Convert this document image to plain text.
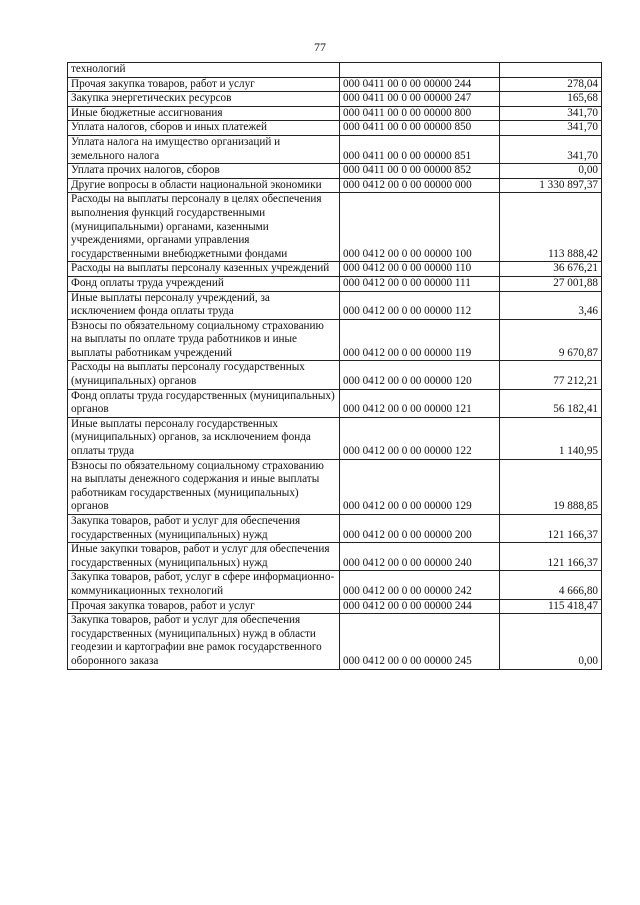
77
технологий		
Прочая закупка товаров, работ и услуг	000 0411 00 0 00 00000 244	278,04
Закупка энергетических ресурсов	000 0411 00 0 00 00000 247	165,68
Иные бюджетные ассигнования	000 0411 00 0 00 00000 800	341,70
Уплата налогов, сборов и иных платежей	000 0411 00 0 00 00000 850	341,70
Уплата налога на имущество организаций и земельного налога	000 0411 00 0 00 00000 851	341,70
Уплата прочих налогов, сборов	000 0411 00 0 00 00000 852	0,00
Другие вопросы в области национальной экономики	000 0412 00 0 00 00000 000	1 330 897,37
Расходы на выплаты персоналу в целях обеспечения выполнения функций государственными (муниципальными) органами, казенными учреждениями, органами управления государственными внебюджетными фондами	000 0412 00 0 00 00000 100	113 888,42
Расходы на выплаты персоналу казенных учреждений	000 0412 00 0 00 00000 110	36 676,21
Фонд оплаты труда учреждений	000 0412 00 0 00 00000 111	27 001,88
Иные выплаты персоналу учреждений, за исключением фонда оплаты труда	000 0412 00 0 00 00000 112	3,46
Взносы по обязательному социальному страхованию на выплаты по оплате труда работников и иные выплаты работникам учреждений	000 0412 00 0 00 00000 119	9 670,87
Расходы на выплаты персоналу государственных (муниципальных) органов	000 0412 00 0 00 00000 120	77 212,21
Фонд оплаты труда государственных (муниципальных) органов	000 0412 00 0 00 00000 121	56 182,41
Иные выплаты персоналу государственных (муниципальных) органов, за исключением фонда оплаты труда	000 0412 00 0 00 00000 122	1 140,95
Взносы по обязательному социальному страхованию на выплаты денежного содержания и иные выплаты работникам государственных (муниципальных) органов	000 0412 00 0 00 00000 129	19 888,85
Закупка товаров, работ и услуг для обеспечения государственных (муниципальных) нужд	000 0412 00 0 00 00000 200	121 166,37
Иные закупки товаров, работ и услуг для обеспечения государственных (муниципальных) нужд	000 0412 00 0 00 00000 240	121 166,37
Закупка товаров, работ, услуг в сфере информационно-коммуникационных технологий	000 0412 00 0 00 00000 242	4 666,80
Прочая закупка товаров, работ и услуг	000 0412 00 0 00 00000 244	115 418,47
Закупка товаров, работ и услуг для обеспечения государственных (муниципальных) нужд в области геодезии и картографии вне рамок государственного оборонного заказа	000 0412 00 0 00 00000 245	0,00
